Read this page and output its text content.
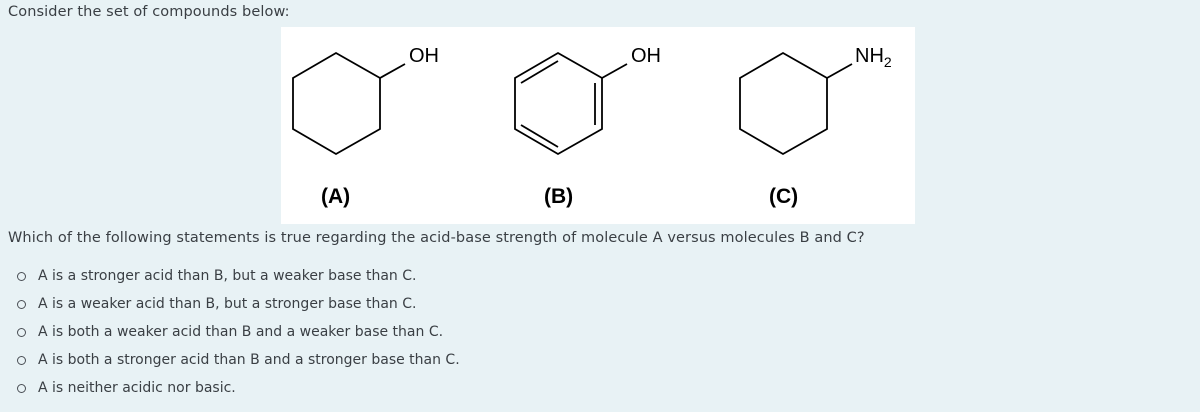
Consider the set of compounds below:
OH	OH	$NH_2$
(A)	(B)	(C)
Which of the following statements is true regarding the acid-base strength of molecule A versus molecules B and C?
A is a stronger acid than B, but a weaker base than C.
A is a weaker acid than B, but a stronger base than C.
A is both a weaker acid than B and a weaker base than C.
A is both a stronger acid than B and a stronger base than C.
A is neither acidic nor basic.
